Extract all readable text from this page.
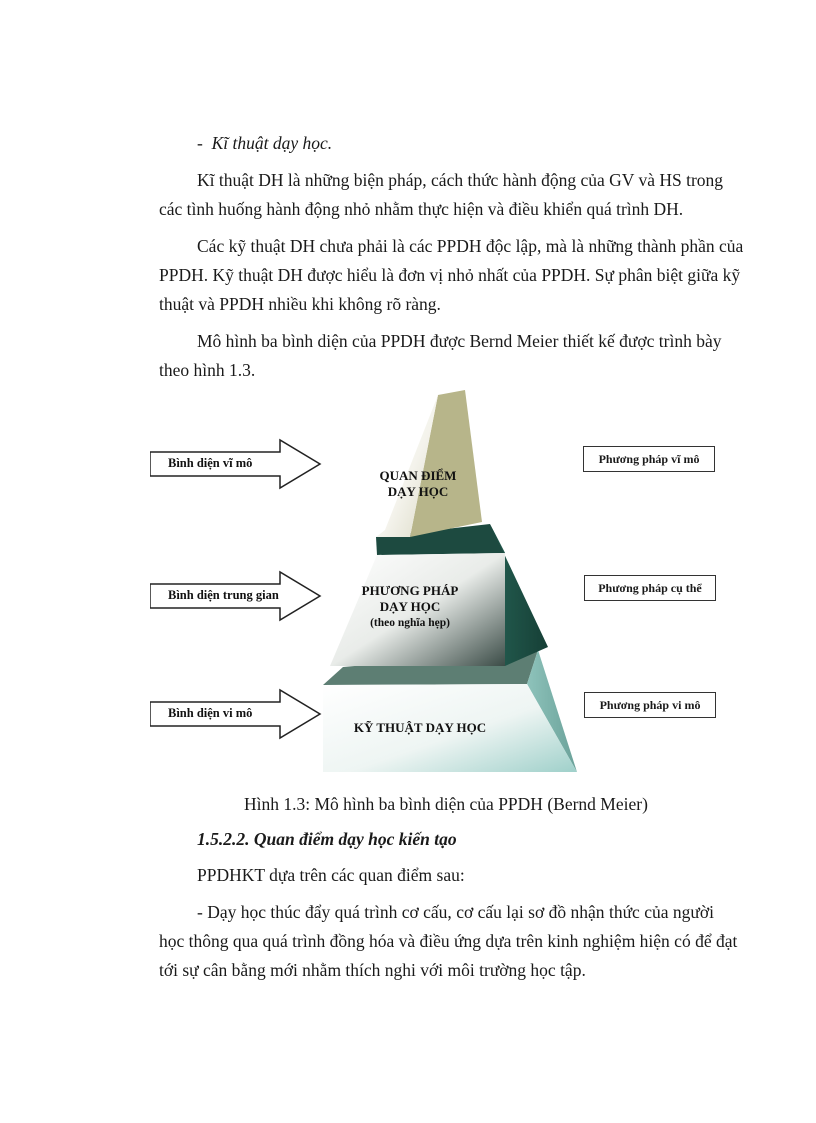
- Kĩ thuật dạy học.
Kĩ thuật DH là những biện pháp, cách thức hành động của GV và HS trong
các tình huống hành động nhỏ nhằm thực hiện và điều khiển quá trình DH.
Các kỹ thuật DH chưa phải là các PPDH độc lập, mà là những thành phần của
PPDH. Kỹ thuật DH được hiểu là đơn vị nhỏ nhất của PPDH. Sự phân biệt giữa kỹ
thuật và PPDH nhiều khi không rõ ràng.
Mô hình ba bình diện của PPDH được Bernd Meier thiết kế được trình bày
theo hình 1.3.
Bình diện vĩ mô
Bình diện trung gian
Bình diện vi mô
QUAN ĐIỂM
DẠY HỌC
PHƯƠNG PHÁP
DẠY HỌC
(theo nghĩa hẹp)
KỸ THUẬT DẠY HỌC
Phương pháp vĩ mô
Phương pháp cụ thể
Phương pháp vi mô
Hình 1.3: Mô hình ba bình diện của PPDH (Bernd Meier)
1.5.2.2. Quan điểm dạy học kiến tạo
PPDHKT dựa trên các quan điểm sau:
- Dạy học thúc đẩy quá trình cơ cấu, cơ cấu lại sơ đồ nhận thức của người
học thông qua quá trình đồng hóa và điều ứng dựa trên kinh nghiệm hiện có để đạt
tới sự cân bằng mới nhằm thích nghi với môi trường học tập.
